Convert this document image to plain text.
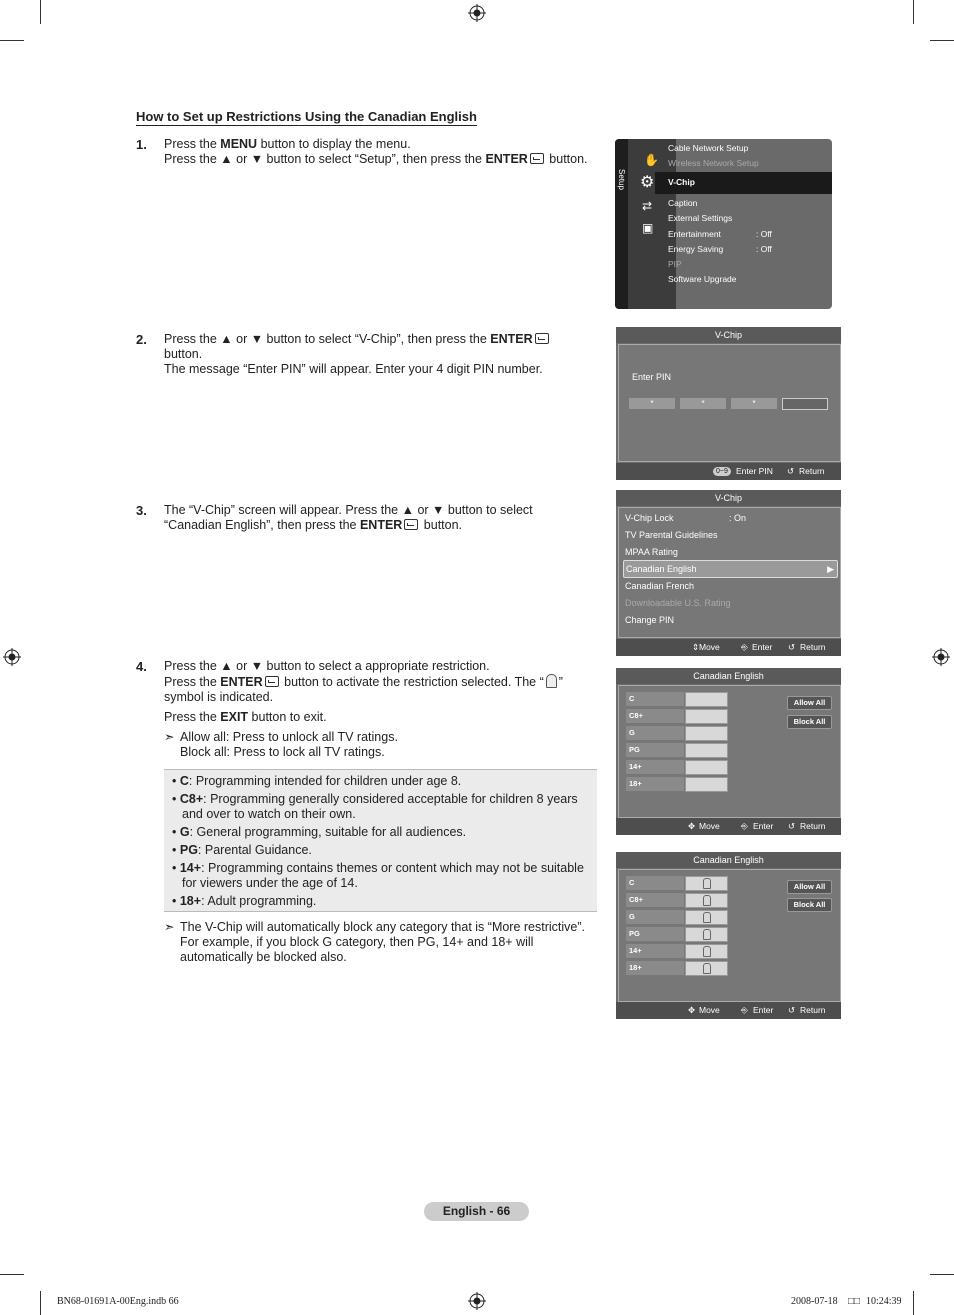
How to Set up Restrictions Using the Canadian English
1. Press the MENU button to display the menu.
Press the ▲ or ▼ button to select “Setup”, then press the ENTER button.
2. Press the ▲ or ▼ button to select “V-Chip”, then press the ENTER
button.
The message “Enter PIN” will appear. Enter your 4 digit PIN number.
3. The “V-Chip” screen will appear. Press the ▲ or ▼ button to select
“Canadian English”, then press the ENTER button.
4. Press the ▲ or ▼ button to select a appropriate restriction.
Press the ENTER button to activate the restriction selected. The “ ”
symbol is indicated.
Press the EXIT button to exit.
➣ Allow all: Press to unlock all TV ratings.
Block all: Press to lock all TV ratings.
• C: Programming intended for children under age 8.
• C8+: Programming generally considered acceptable for children 8 years and over to watch on their own.
• G: General programming, suitable for all audiences.
• PG: Parental Guidance.
• 14+: Programming contains themes or content which may not be suitable for viewers under the age of 14.
• 18+: Adult programming.
➣ The V-Chip will automatically block any category that is “More restrictive”.
For example, if you block G category, then PG, 14+ and 18+ will
automatically be blocked also.
Setup
✋
⚙
⇄
▣
Cable Network Setup
Wireless Network Setup
V-Chip
Caption
External Settings
Entertainment	: Off
Energy Saving	: Off
PIP
Software Upgrade
V-Chip
Enter PIN
*	*	*
0~9 Enter PIN ↺ Return
V-Chip
V-Chip Lock	: On
TV Parental Guidelines
MPAA Rating
Canadian English	▶
Canadian French
Downloadable U.S. Rating
Change PIN
⇕ Move ⎆ Enter ↺ Return
Canadian English
Allow All
Block All
C
C8+
G
PG
14+
18+
✥ Move ⎆ Enter ↺ Return
Canadian English
Allow All
Block All
C
C8+
G
PG
14+
18+
✥ Move ⎆ Enter ↺ Return
English - 66
BN68-01691A-00Eng.indb 66	2008-07-18 □□ 10:24:39
